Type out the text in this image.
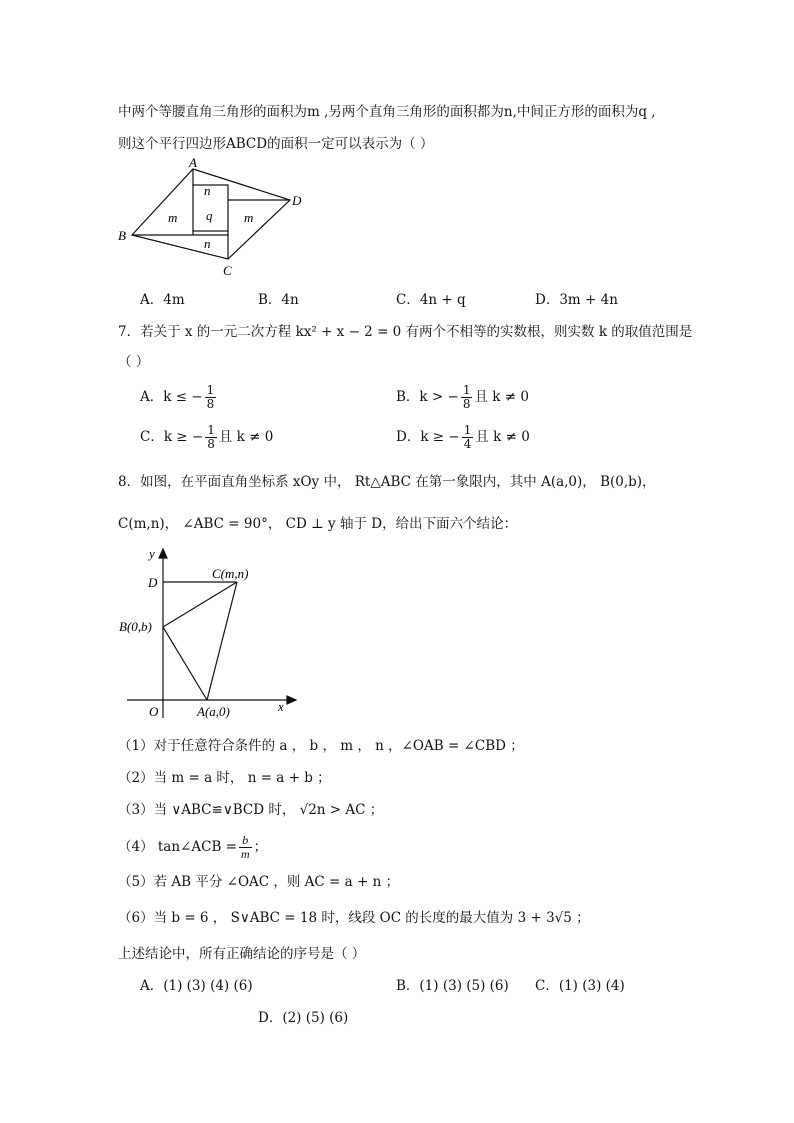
中两个等腰直角三角形的面积为m ,另两个直角三角形的面积都为n,中间正方形的面积为q ,
则这个平行四边形ABCD的面积一定可以表示为（ ）
A
B
C
D
n
n
m	m
q
A．4m	B．4n	C．4n + q	D．3m + 4n
7．若关于 x 的一元二次方程 kx² + x − 2 = 0 有两个不相等的实数根，则实数 k 的取值范围是
（ ）
A．k ≤ − $\frac{1}{8}$	B．k > − $\frac{1}{8}$ 且 k ≠ 0
C．k ≥ − $\frac{1}{8}$ 且 k ≠ 0	D．k ≥ − $\frac{1}{4}$ 且 k ≠ 0
8．如图，在平面直角坐标系 xOy 中， Rt△ABC 在第一象限内，其中 A(a,0)， B(0,b)，
C(m,n)， ∠ABC = 90°， CD ⊥ y 轴于 D，给出下面六个结论：
y
x
O
D
C(m,n)
B(0,b)
A(a,0)
（1）对于任意符合条件的 a ， b ， m ， n ，∠OAB = ∠CBD ；
（2）当 m = a 时， n = a + b ；
（3）当 ∨ABC≌∨BCD 时， √2n > AC ；
（4） tan∠ACB = $\frac{b}{m}$ ；
（5）若 AB 平分 ∠OAC ，则 AC = a + n ；
（6）当 b = 6 ， S∨ABC = 18 时，线段 OC 的长度的最大值为 3 + 3√5 ；
上述结论中，所有正确结论的序号是（ ）
A．(1) (3) (4) (6)	B．(1) (3) (5) (6) C．(1) (3) (4)
D．(2) (5) (6)
